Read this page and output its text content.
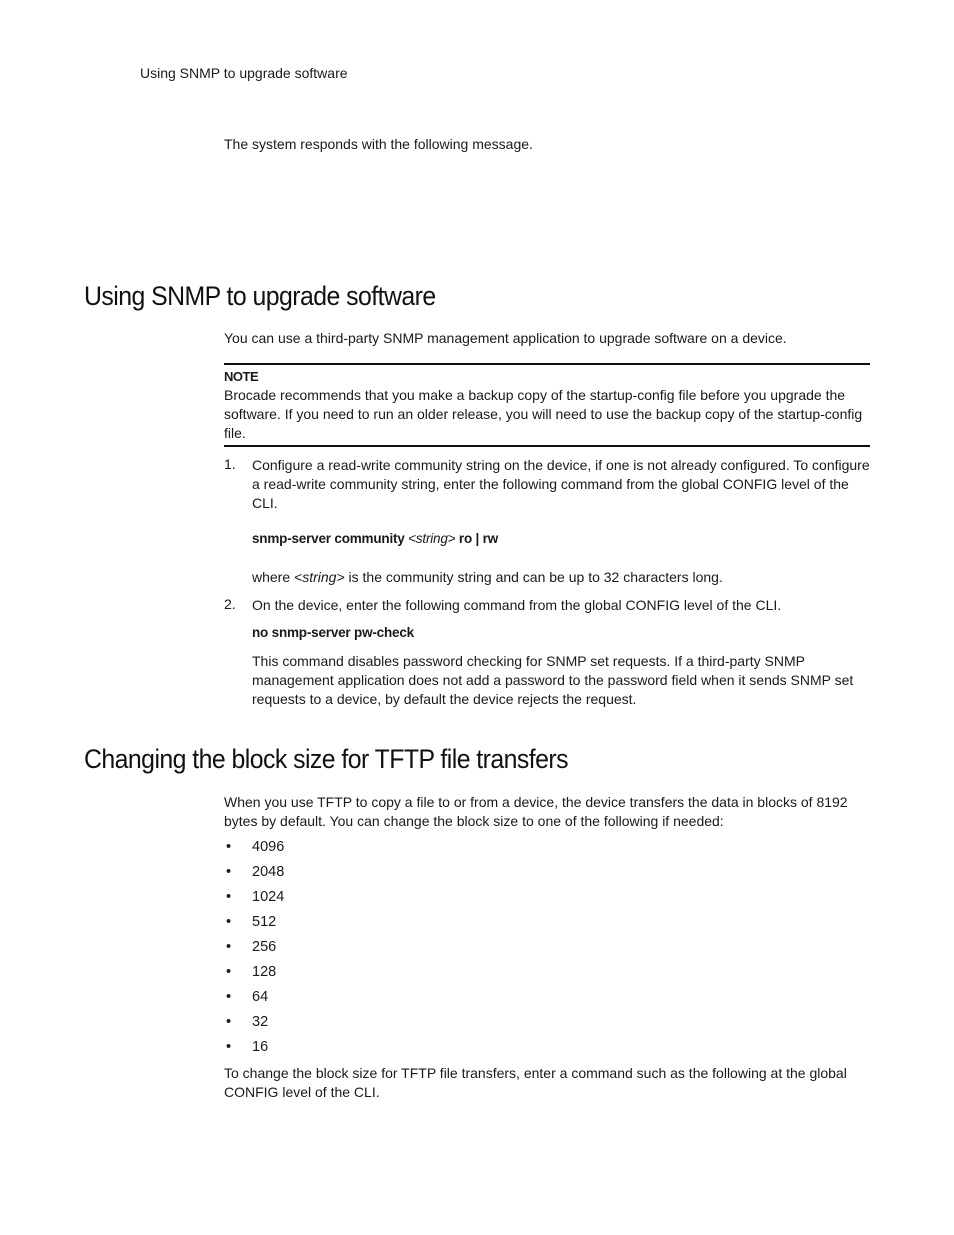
Using SNMP to upgrade software
The system responds with the following message.
Using SNMP to upgrade software
You can use a third-party SNMP management application to upgrade software on a device.
NOTE
Brocade recommends that you make a backup copy of the startup-config file before you upgrade the software. If you need to run an older release, you will need to use the backup copy of the startup-config file.
1. Configure a read-write community string on the device, if one is not already configured. To configure a read-write community string, enter the following command from the global CONFIG level of the CLI.
snmp-server community <string> ro | rw
where <string> is the community string and can be up to 32 characters long.
2. On the device, enter the following command from the global CONFIG level of the CLI.
no snmp-server pw-check
This command disables password checking for SNMP set requests. If a third-party SNMP management application does not add a password to the password field when it sends SNMP set requests to a device, by default the device rejects the request.
Changing the block size for TFTP file transfers
When you use TFTP to copy a file to or from a device, the device transfers the data in blocks of 8192 bytes by default. You can change the block size to one of the following if needed:
• 4096
• 2048
• 1024
• 512
• 256
• 128
• 64
• 32
• 16
To change the block size for TFTP file transfers, enter a command such as the following at the global CONFIG level of the CLI.
